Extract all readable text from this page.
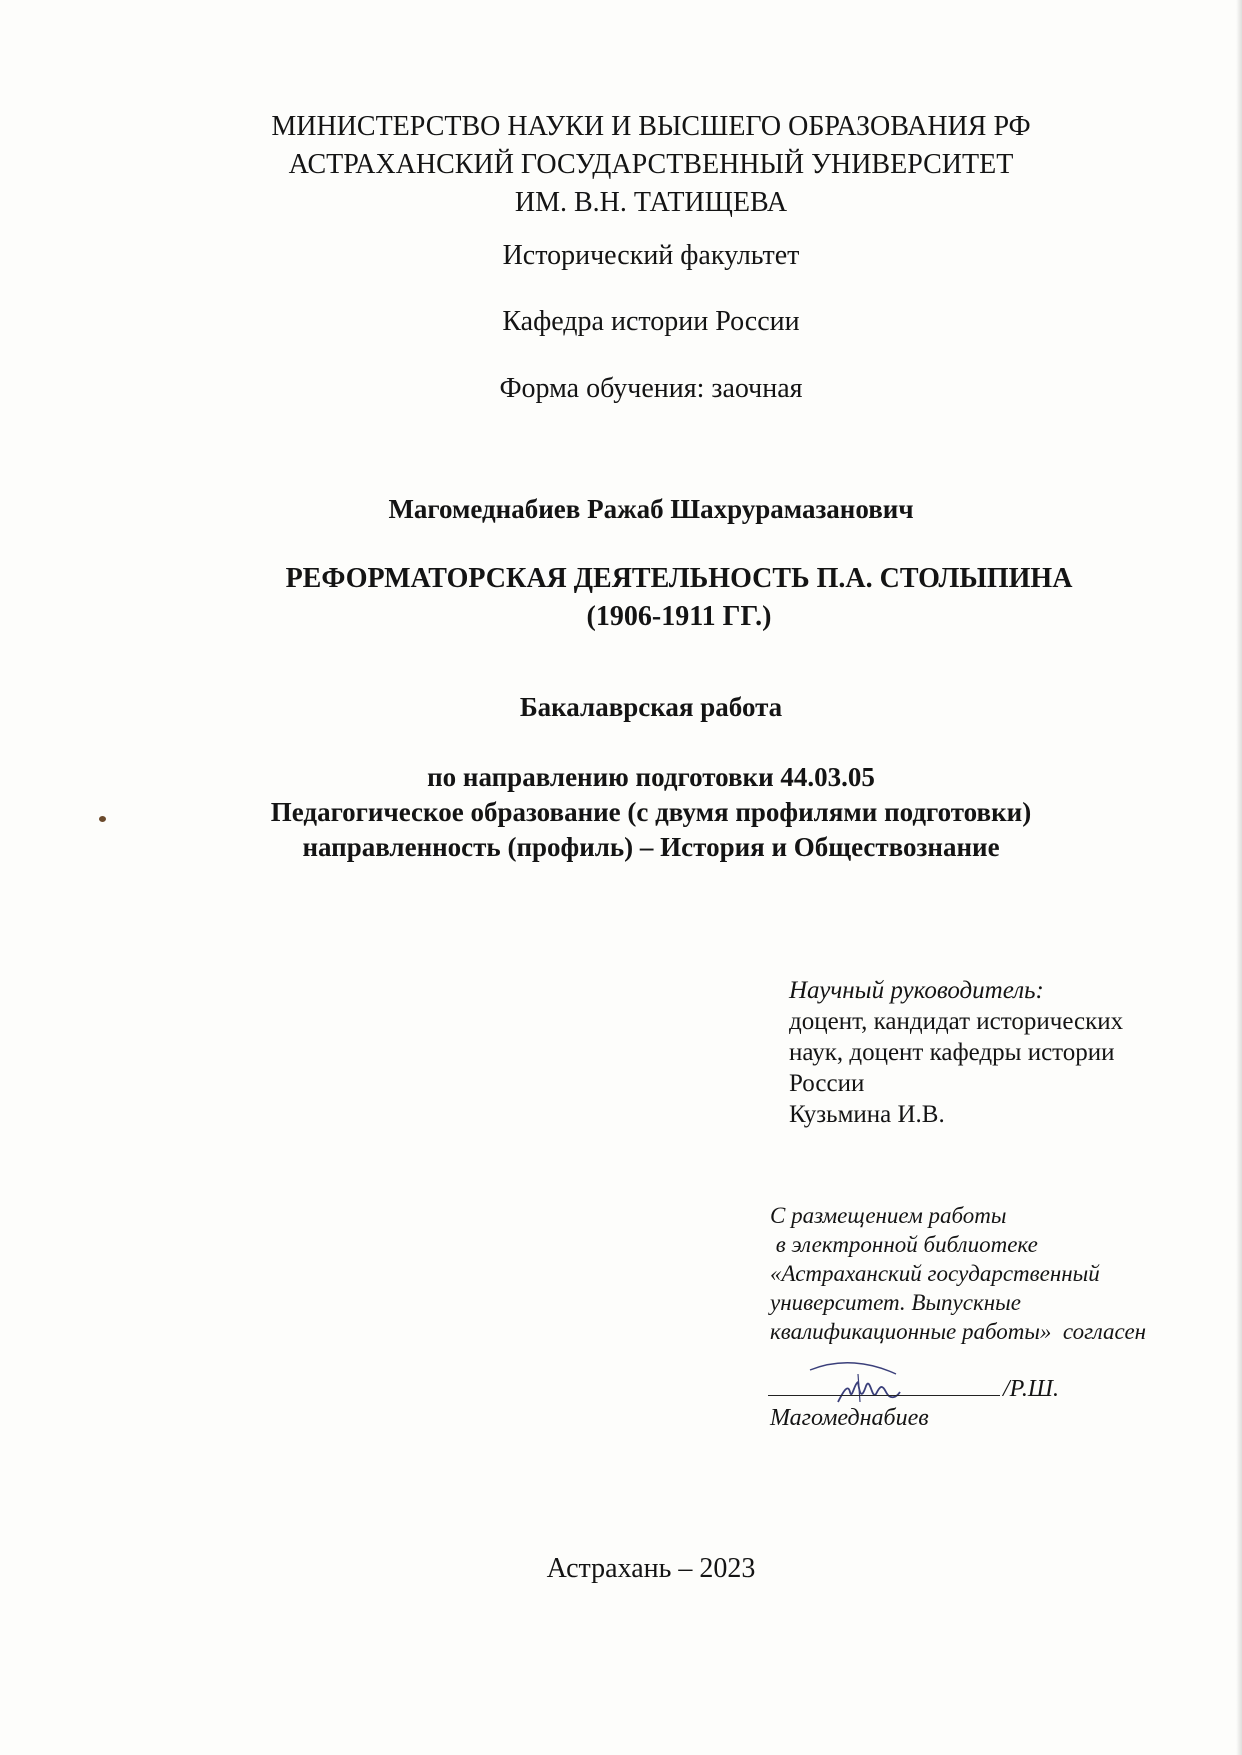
МИНИСТЕРСТВО НАУКИ И ВЫСШЕГО ОБРАЗОВАНИЯ РФ
АСТРАХАНСКИЙ ГОСУДАРСТВЕННЫЙ УНИВЕРСИТЕТ
ИМ. В.Н. ТАТИЩЕВА
Исторический факультет
Кафедра истории России
Форма обучения: заочная
Магомеднабиев Ражаб Шахрурамазанович
РЕФОРМАТОРСКАЯ ДЕЯТЕЛЬНОСТЬ П.А. СТОЛЫПИНА
(1906-1911 ГГ.)
Бакалаврская работа
по направлению подготовки 44.03.05
Педагогическое образование (с двумя профилями подготовки)
направленность (профиль) – История и Обществознание
Научный руководитель:
доцент, кандидат исторических
наук, доцент кафедры истории
России
Кузьмина И.В.
С размещением работы
в электронной библиотеке
«Астраханский государственный
университет. Выпускные
квалификационные работы»  согласен
/Р.Ш.
Магомеднабиев
Астрахань – 2023
